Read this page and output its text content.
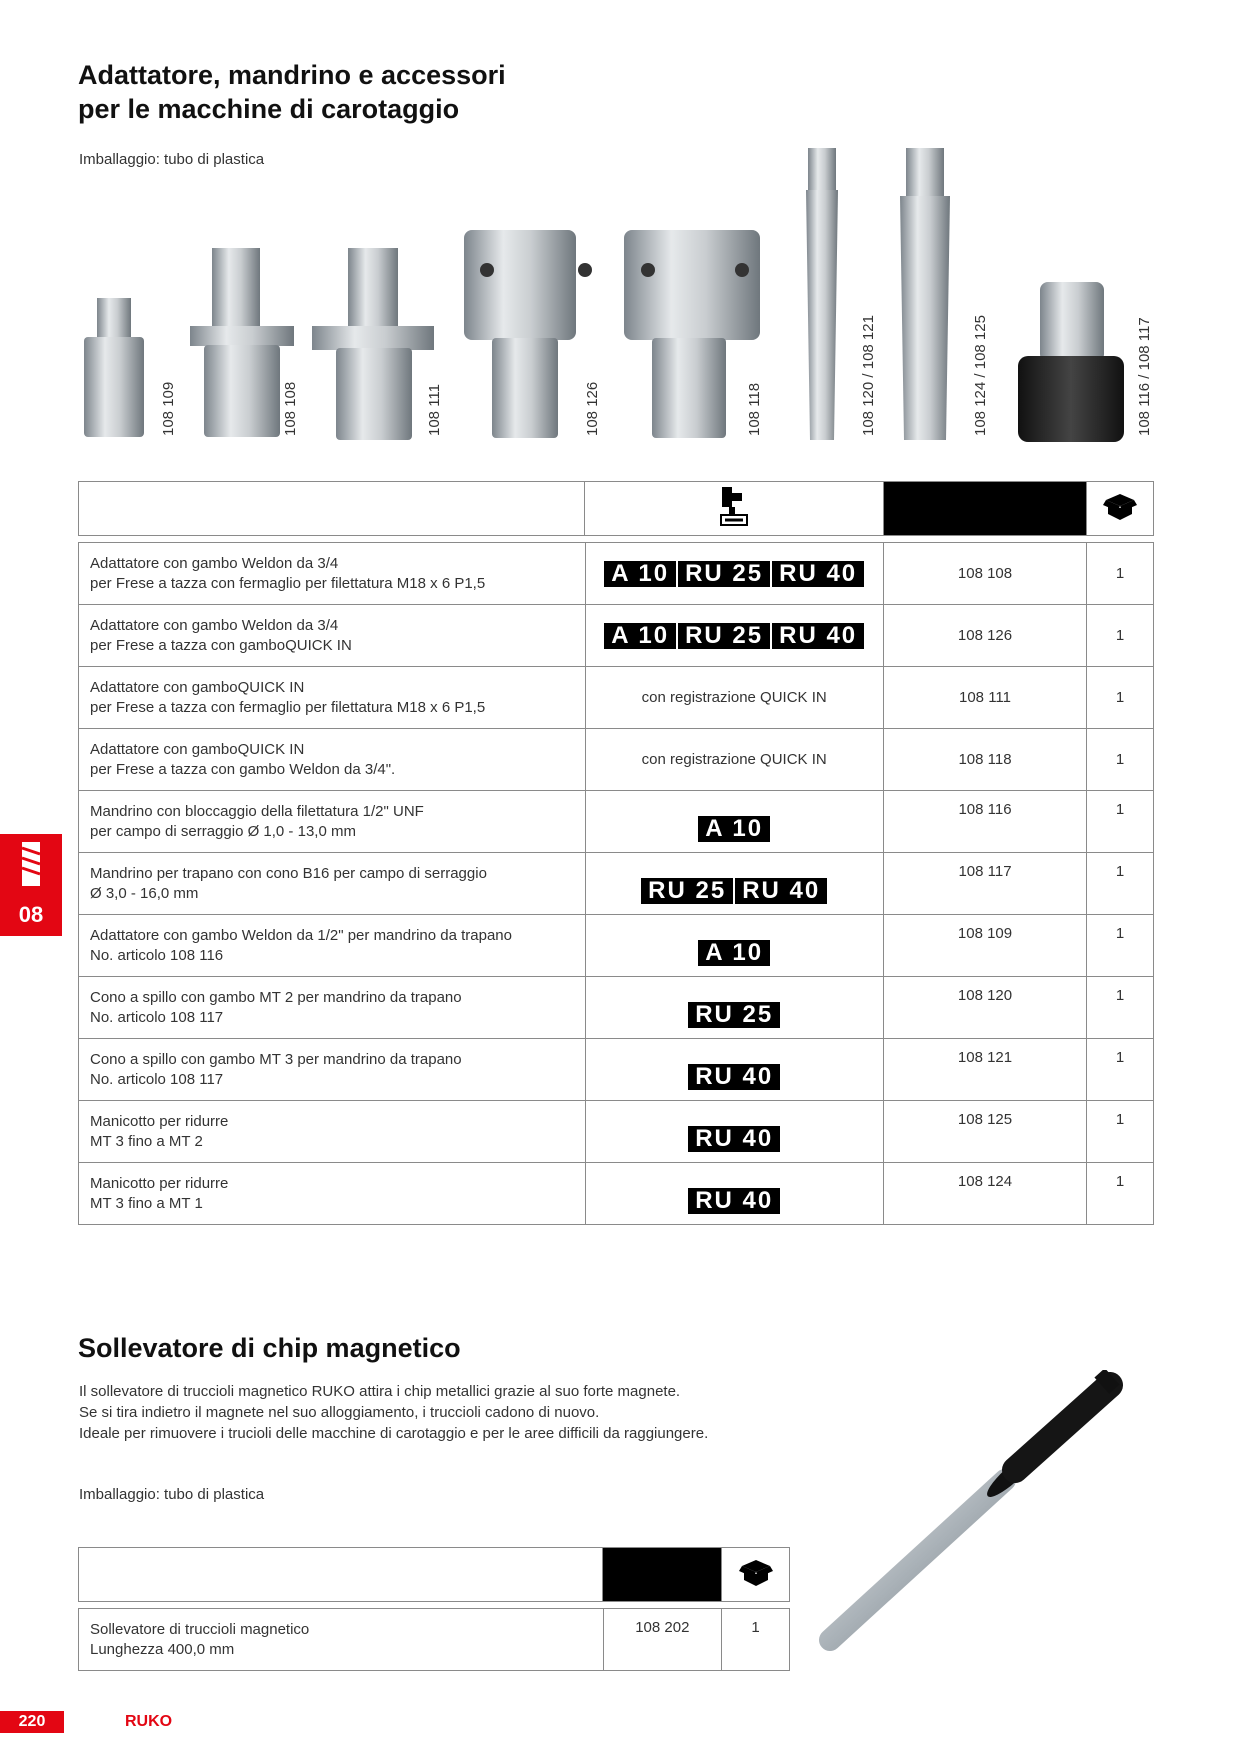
Adattatore, mandrino e accessori
per le macchine di carotaggio
Imballaggio: tubo di plastica
108 109	108 108	108 111	108 126	108 118	108 120 / 108 121	108 124 / 108 125	108 116 / 108 117

Adattatore con gambo Weldon da 3/4
per Frese a tazza con fermaglio per filettatura M18 x 6 P1,5	A 10 RU 25 RU 40	108 108	1
Adattatore con gambo Weldon da 3/4
per Frese a tazza con gamboQUICK IN	A 10 RU 25 RU 40	108 126	1
Adattatore con gamboQUICK IN
per Frese a tazza con fermaglio per filettatura M18 x 6 P1,5	con registrazione QUICK IN	108 111	1
Adattatore con gamboQUICK IN
per Frese a tazza con gambo Weldon da 3/4".	con registrazione QUICK IN	108 118	1
Mandrino con bloccaggio della filettatura 1/2" UNF
per campo di serraggio Ø 1,0 - 13,0 mm	A 10	108 116	1
Mandrino per trapano con cono B16 per campo di serraggio
Ø 3,0 - 16,0 mm	RU 25 RU 40	108 117	1
Adattatore con gambo Weldon da 1/2" per mandrino da trapano
No. articolo 108 116	A 10	108 109	1
Cono a spillo con gambo MT 2 per mandrino da trapano
No. articolo 108 117	RU 25	108 120	1
Cono a spillo con gambo MT 3 per mandrino da trapano
No. articolo 108 117	RU 40	108 121	1
Manicotto per ridurre
MT 3 fino a MT 2	RU 40	108 125	1
Manicotto per ridurre
MT 3 fino a MT 1	RU 40	108 124	1
08
Sollevatore di chip magnetico
Il sollevatore di truccioli magnetico RUKO attira i chip metallici grazie al suo forte magnete.
Se si tira indietro il magnete nel suo alloggiamento, i truccioli cadono di nuovo.
Ideale per rimuovere i trucioli delle macchine di carotaggio e per le aree difficili da raggiungere.
Imballaggio: tubo di plastica

Sollevatore di truccioli magnetico
Lunghezza 400,0 mm	108 202	1
220	RUKO
